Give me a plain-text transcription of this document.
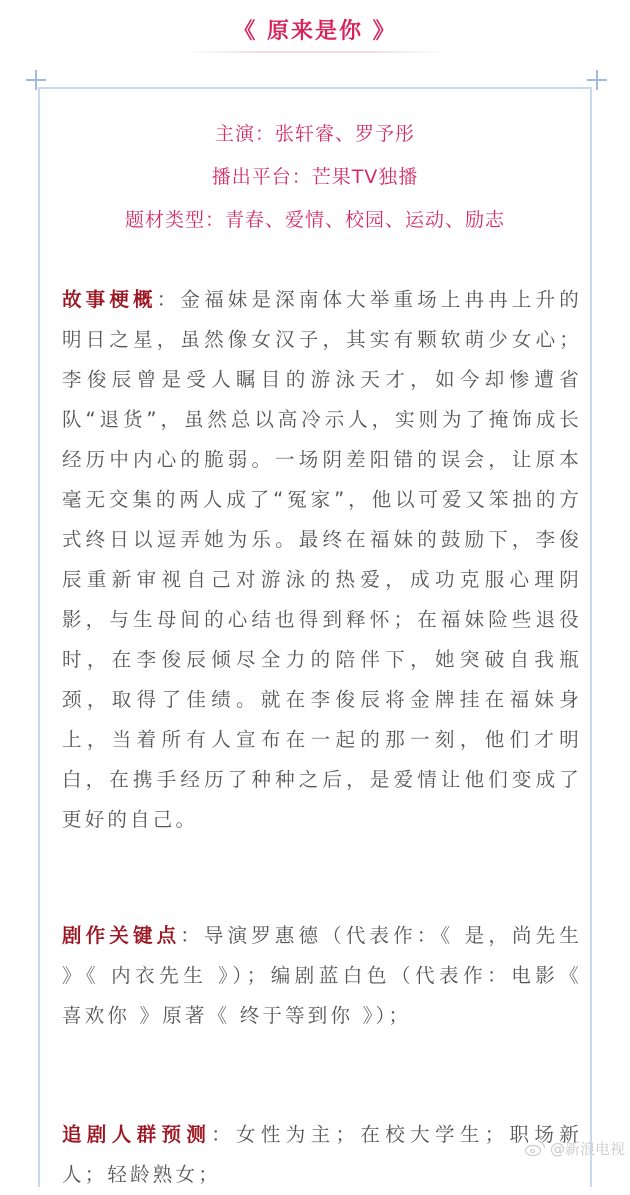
《 原来是你 》
主演：张轩睿、罗予彤
播出平台：芒果TV独播
题材类型：青春、爱情、校园、运动、励志
故事梗概：金福妹是深南体大举重场上冉冉上升的明日之星，虽然像女汉子，其实有颗软萌少女心；李俊辰曾是受人瞩目的游泳天才，如今却惨遭省队“退货”，虽然总以高冷示人，实则为了掩饰成长经历中内心的脆弱。一场阴差阳错的误会，让原本毫无交集的两人成了“冤家”，他以可爱又笨拙的方式终日以逗弄她为乐。最终在福妹的鼓励下，李俊辰重新审视自己对游泳的热爱，成功克服心理阴影，与生母间的心结也得到释怀；在福妹险些退役时，在李俊辰倾尽全力的陪伴下，她突破自我瓶颈，取得了佳绩。就在李俊辰将金牌挂在福妹身上，当着所有人宣布在一起的那一刻，他们才明白，在携手经历了种种之后，是爱情让他们变成了更好的自己。
剧作关键点：导演罗惠德（代表作：《 是，尚先生 》《 内衣先生 》）；编剧蓝白色（代表作：电影《 喜欢你 》原著《 终于等到你 》）；
追剧人群预测：女性为主；在校大学生；职场新人；轻龄熟女；
@新浪电视
